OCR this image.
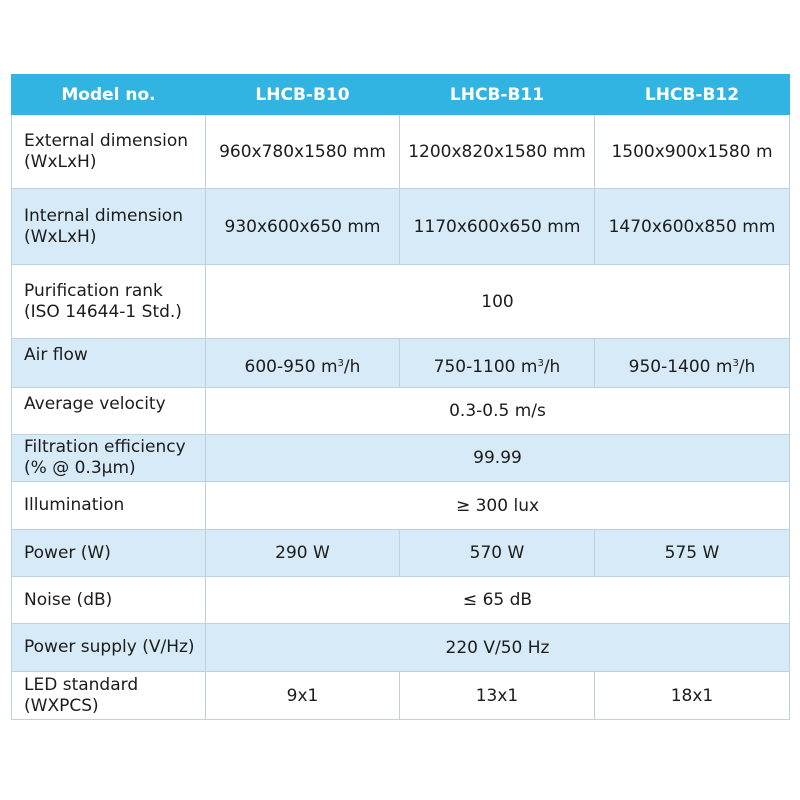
Model no.	LHCB-B10	LHCB-B11	LHCB-B12

External dimension
(WxLxH)	960x780x1580 mm	1200x820x1580 mm	1500x900x1580 m

Internal dimension
(WxLxH)	930x600x650 mm	1170x600x650 mm	1470x600x850 mm

Purification rank
(ISO 14644-1 Std.)	100		
Air flow	600-950 $m^3/h$	750-1100 $m^3/h$	950-1400 $m^3/h$
Average velocity	0.3-0.5 m/s		

Filtration efficiency
(% @ 0.3μm)	99.99		
Illumination	≥ 300 lux		
Power (W)	290 W	570 W	575 W
Noise (dB)	≤ 65 dB		
Power supply (V/Hz)	220 V/50 Hz		

LED standard
(WXPCS)	9x1	13x1	18x1
